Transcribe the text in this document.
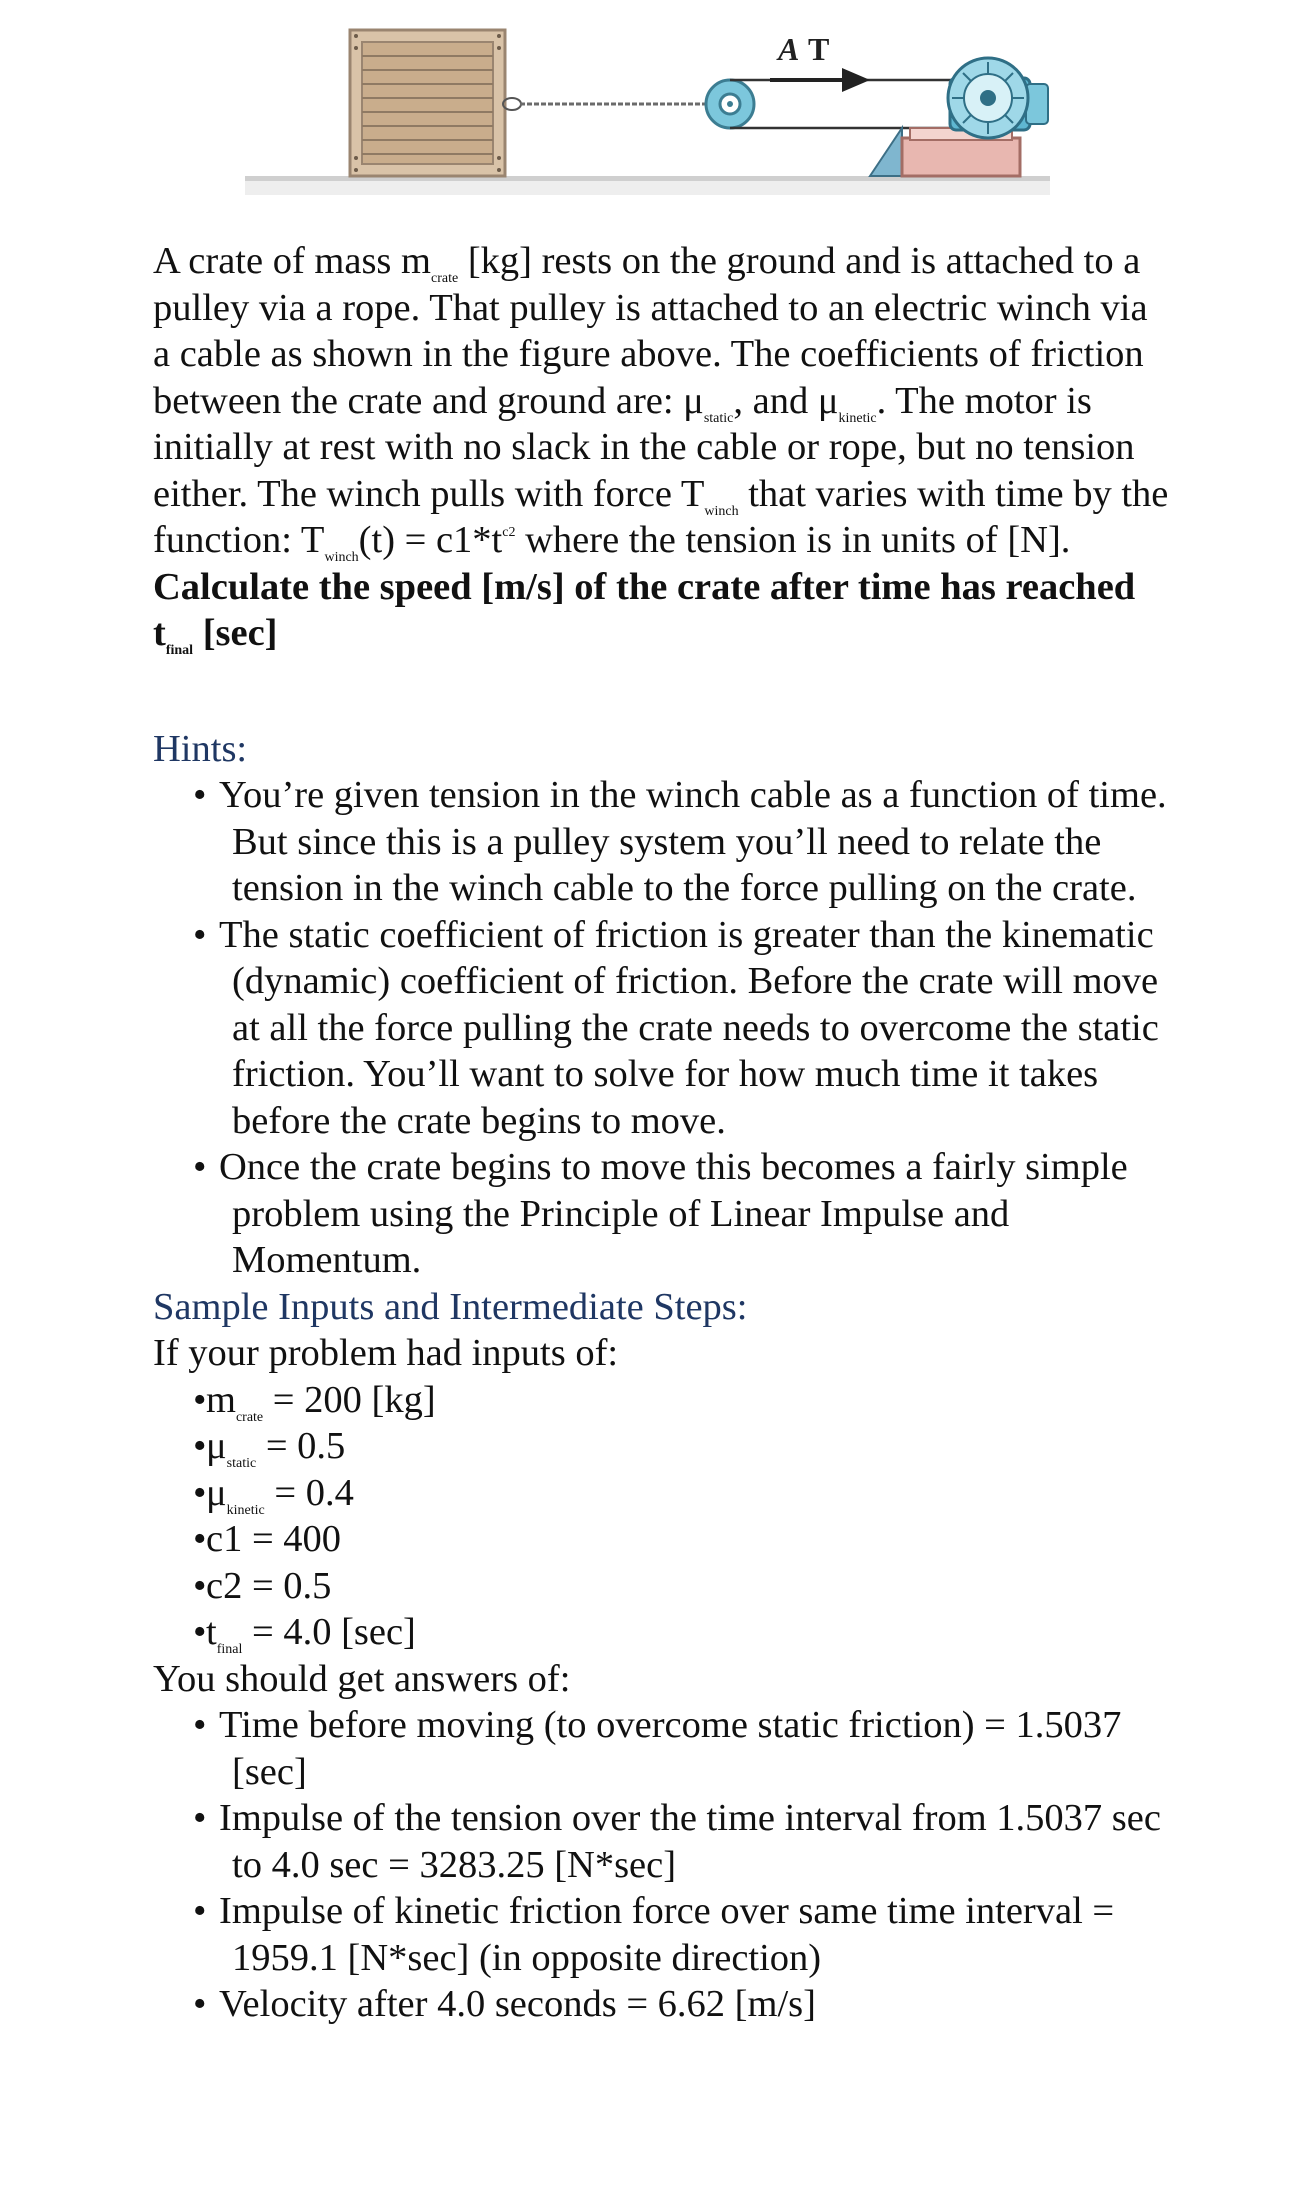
A T

A crate of mass $m_{crate}$ [kg] rests on the ground and is attached to a pulley via a rope. That pulley is attached to an electric winch via a cable as shown in the figure above. The coefficients of friction between the crate and ground are: $\mu_{static}$, and $\mu_{kinetic}$. The motor is initially at rest with no slack in the cable or rope, but no tension either. The winch pulls with force $T_{winch}$ that varies with time by the function: $T_{winch}(t) = c1*t^{c2}$ where the tension is in units of [N]. Calculate the speed [m/s] of the crate after time has reached $t_{final}$ [sec]

Hints:

• You’re given tension in the winch cable as a function of time. But since this is a pulley system you’ll need to relate the tension in the winch cable to the force pulling on the crate.
• The static coefficient of friction is greater than the kinematic (dynamic) coefficient of friction. Before the crate will move at all the force pulling the crate needs to overcome the static friction. You’ll want to solve for how much time it takes before the crate begins to move.
• Once the crate begins to move this becomes a fairly simple problem using the Principle of Linear Impulse and Momentum.

Sample Inputs and Intermediate Steps:

If your problem had inputs of:

• $m_{crate} = 200$ [kg]
• $\mu_{static} = 0.5$
• $\mu_{kinetic} = 0.4$
• c1 = 400
• c2 = 0.5
• $t_{final} = 4.0$ [sec]

You should get answers of:

• Time before moving (to overcome static friction) = 1.5037 [sec]
• Impulse of the tension over the time interval from 1.5037 sec to 4.0 sec = 3283.25 [N*sec]
• Impulse of kinetic friction force over same time interval = 1959.1 [N*sec] (in opposite direction)
• Velocity after 4.0 seconds = 6.62 [m/s]
